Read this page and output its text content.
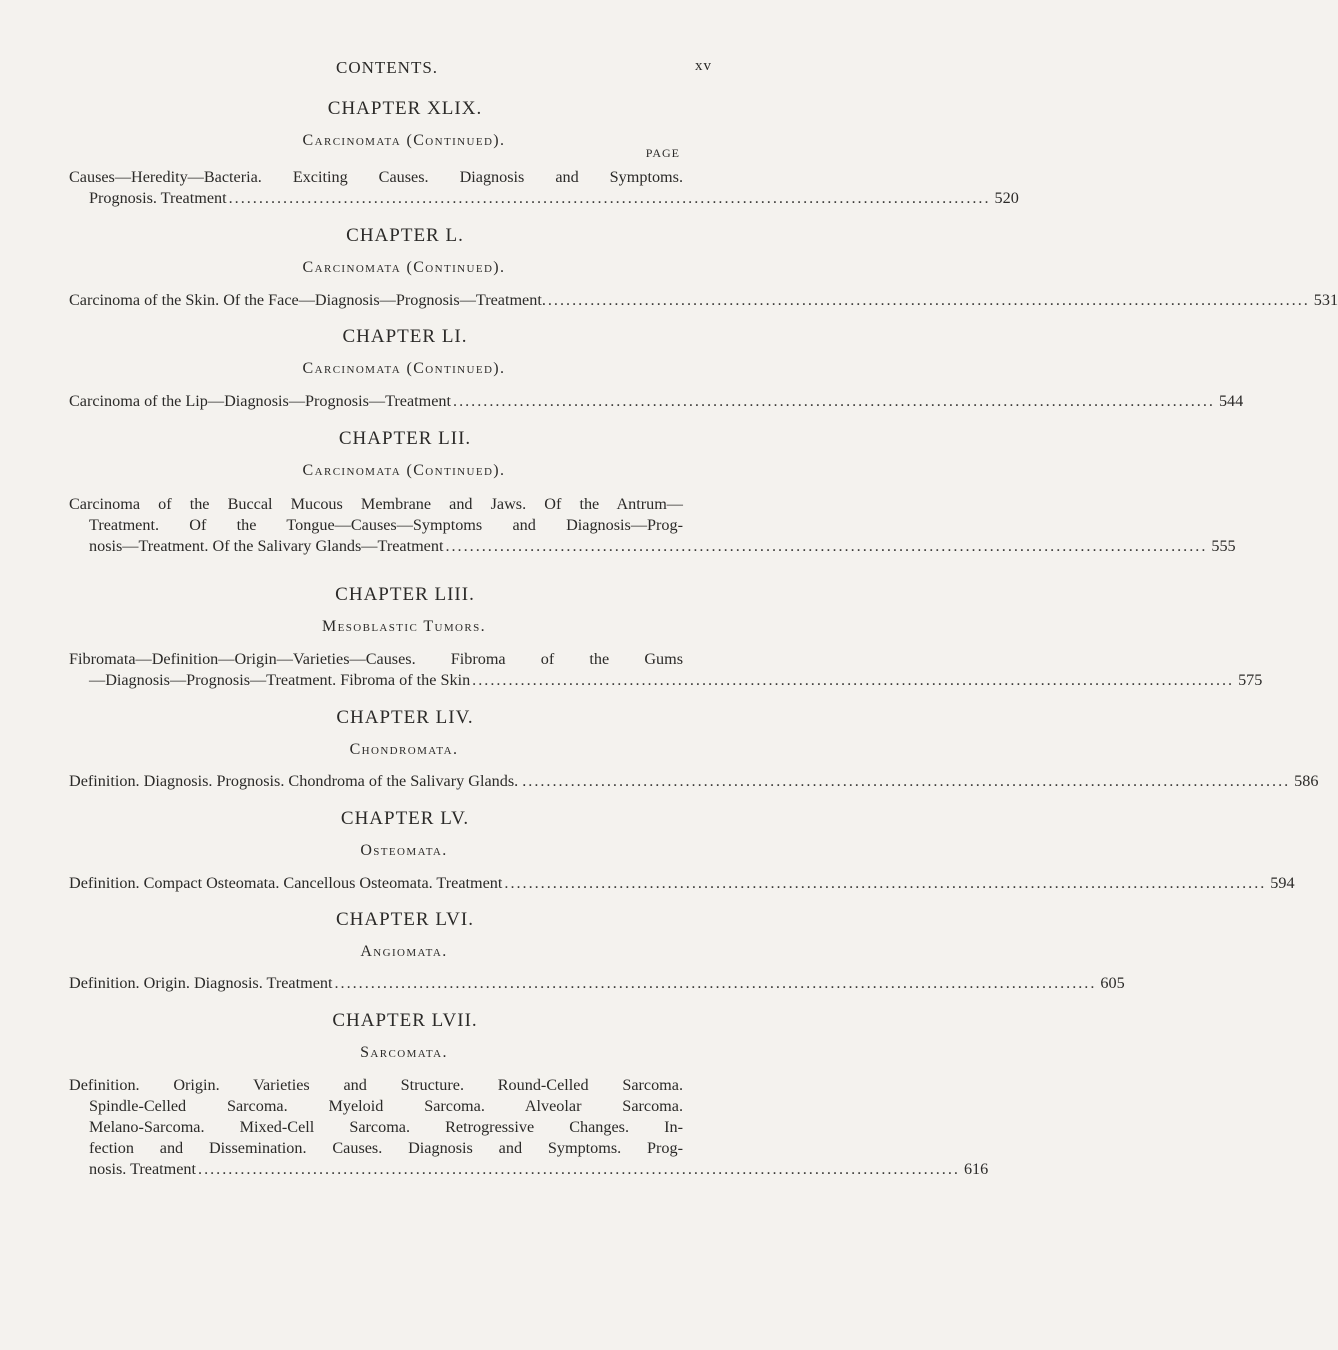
CONTENTS.	xv
CHAPTER XLIX.
Carcinomata (Continued).
PAGE
Causes—Heredity—Bacteria. Exciting Causes. Diagnosis and Symptoms.
Prognosis. Treatment .............................................................................................................................. 520
CHAPTER L.
Carcinomata (Continued).
Carcinoma of the Skin. Of the Face—Diagnosis—Prognosis—Treatment. .............................................................................................................................. 531
CHAPTER LI.
Carcinomata (Continued).
Carcinoma of the Lip—Diagnosis—Prognosis—Treatment .............................................................................................................................. 544
CHAPTER LII.
Carcinomata (Continued).
Carcinoma of the Buccal Mucous Membrane and Jaws. Of the Antrum—
Treatment. Of the Tongue—Causes—Symptoms and Diagnosis—Prog-
nosis—Treatment. Of the Salivary Glands—Treatment .............................................................................................................................. 555
CHAPTER LIII.
Mesoblastic Tumors.
Fibromata—Definition—Origin—Varieties—Causes. Fibroma of the Gums
—Diagnosis—Prognosis—Treatment. Fibroma of the Skin .............................................................................................................................. 575
CHAPTER LIV.
Chondromata.
Definition. Diagnosis. Prognosis. Chondroma of the Salivary Glands. . .............................................................................................................................. 586
CHAPTER LV.
Osteomata.
Definition. Compact Osteomata. Cancellous Osteomata. Treatment .............................................................................................................................. 594
CHAPTER LVI.
Angiomata.
Definition. Origin. Diagnosis. Treatment .............................................................................................................................. 605
CHAPTER LVII.
Sarcomata.
Definition. Origin. Varieties and Structure. Round-Celled Sarcoma.
Spindle-Celled Sarcoma. Myeloid Sarcoma. Alveolar Sarcoma.
Melano-Sarcoma. Mixed-Cell Sarcoma. Retrogressive Changes. In-
fection and Dissemination. Causes. Diagnosis and Symptoms. Prog-
nosis. Treatment .............................................................................................................................. 616
